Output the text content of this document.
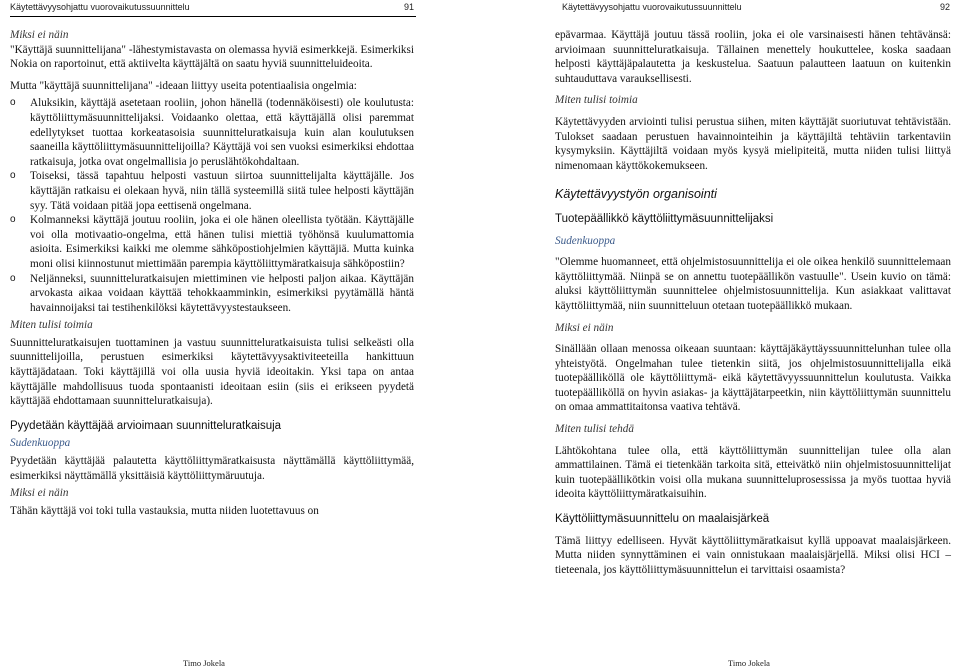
Käytettävyysohjattu vuorovaikutussuunnittelu	91

Miksi ei näin

"Käyttäjä suunnittelijana" -lähestymistavasta on olemassa hyviä esimerkkejä. Esimerkiksi Nokia on raportoinut, että aktiivelta käyttäjältä on saatu hyviä suunnitteluideoita.

Mutta "käyttäjä suunnittelijana" -ideaan liittyy useita potentiaalisia ongelmia:

o Aluksikin, käyttäjä asetetaan rooliin, johon hänellä (todennäköisesti) ole koulutusta: käyttöliittymäsuunnittelijaksi. Voidaanko olettaa, että käyttäjällä olisi paremmat edellytykset tuottaa korkeatasoisia suunnitteluratkaisuja kuin alan koulutuksen saaneilla käyttöliittymäsuunnittelijoilla? Käyttäjä voi sen vuoksi esimerkiksi ehdottaa ratkaisuja, jotka ovat ongelmallisia jo peruslähtökohdaltaan.
o Toiseksi, tässä tapahtuu helposti vastuun siirtoa suunnittelijalta käyttäjälle. Jos käyttäjän ratkaisu ei olekaan hyvä, niin tällä systeemillä siitä tulee helposti käyttäjän syy. Tätä voidaan pitää jopa eettisenä ongelmana.
o Kolmanneksi käyttäjä joutuu rooliin, joka ei ole hänen oleellista työtään. Käyttäjälle voi olla motivaatio-ongelma, että hänen tulisi miettiä työhönsä kuulumattomia asioita. Esimerkiksi kaikki me olemme sähköpostiohjelmien käyttäjiä. Mutta kuinka moni olisi kiinnostunut miettimään parempia käyttöliittymäratkaisuja sähköpostiin?
o Neljänneksi, suunnitteluratkaisujen miettiminen vie helposti paljon aikaa. Käyttäjän arvokasta aikaa voidaan käyttää tehokkaamminkin, esimerkiksi pyytämällä häntä havainnoijaksi tai testihenkilöksi käytettävyystestaukseen.

Miten tulisi toimia

Suunnitteluratkaisujen tuottaminen ja vastuu suunnitteluratkaisuista tulisi selkeästi olla suunnittelijoilla, perustuen esimerkiksi käytettävyysaktiviteeteilla hankittuun käyttäjädataan. Toki käyttäjillä voi olla uusia hyviä ideoitakin. Yksi tapa on antaa käyttäjälle mahdollisuus tuoda spontaanisti ideoitaan esiin (siis ei erikseen pyydetä käyttäjää ehdottamaan suunnitteluratkaisuja).

Pyydetään käyttäjää arvioimaan suunnitteluratkaisuja

Sudenkuoppa

Pyydetään käyttäjää palautetta käyttöliittymäratkaisusta näyttämällä käyttöliittymää, esimerkiksi näyttämällä yksittäisiä käyttöliittymäruutuja.

Miksi ei näin

Tähän käyttäjä voi toki tulla vastauksia, mutta niiden luotettavuus on

Timo Jokela
Käytettävyysohjattu vuorovaikutussuunnittelu	92

epävarmaa. Käyttäjä joutuu tässä rooliin, joka ei ole varsinaisesti hänen tehtävänsä: arvioimaan suunnitteluratkaisuja. Tällainen menettely houkuttelee, koska saadaan helposti käyttäjäpalautetta ja keskustelua. Saatuun palautteen laatuun on kuitenkin suhtauduttava varauksellisesti.

Miten tulisi toimia

Käytettävyyden arviointi tulisi perustua siihen, miten käyttäjät suoriutuvat tehtävistään. Tulokset saadaan perustuen havainnointeihin ja käyttäjiltä tehtäviin tarkentaviin kysymyksiin. Käyttäjiltä voidaan myös kysyä mielipiteitä, mutta niiden tulisi liittyä nimenomaan käyttökokemukseen.

Käytettävyystyön organisointi

Tuotepäällikkö käyttöliittymäsuunnittelijaksi

Sudenkuoppa

"Olemme huomanneet, että ohjelmistosuunnittelija ei ole oikea henkilö suunnittelemaan käyttöliittymää. Niinpä se on annettu tuotepäällikön vastuulle". Usein kuvio on tämä: aluksi käyttöliittymän suunnittelee ohjelmistosuunnittelija. Kun asiakkaat valittavat käyttöliittymää, niin suunnitteluun otetaan tuotepäällikkö mukaan.

Miksi ei näin

Sinällään ollaan menossa oikeaan suuntaan: käyttäjäkäyttäyssuunnittelunhan tulee olla yhteistyötä. Ongelmahan tulee tietenkin siitä, jos ohjelmistosuunnittelijalla eikä tuotepäälliköllä ole käyttöliittymä- eikä käytettävyyssuunnittelun koulutusta. Vaikka tuotepäälliköllä on hyvin asiakas- ja käyttäjätarpeetkin, niin käyttöliittymän suunnittelu on omaa ammattitaitonsa vaativa tehtävä.

Miten tulisi tehdä

Lähtökohtana tulee olla, että käyttöliittymän suunnittelijan tulee olla alan ammattilainen. Tämä ei tietenkään tarkoita sitä, etteivätkö niin ohjelmistosuunnittelijat kuin tuotepäällikötkin voisi olla mukana suunnitteluprosessissa ja myös tuottaa hyviä ideoita käyttöliittymäratkaisuihin.

Käyttöliittymäsuunnittelu on maalaisjärkeä

Tämä liittyy edelliseen. Hyvät käyttöliittymäratkaisut kyllä uppoavat maalaisjärkeen. Mutta niiden synnyttäminen ei vain onnistukaan maalaisjärjellä. Miksi olisi HCI –tieteenala, jos käyttöliittymäsuunnittelun ei tarvittaisi osaamista?

Timo Jokela
